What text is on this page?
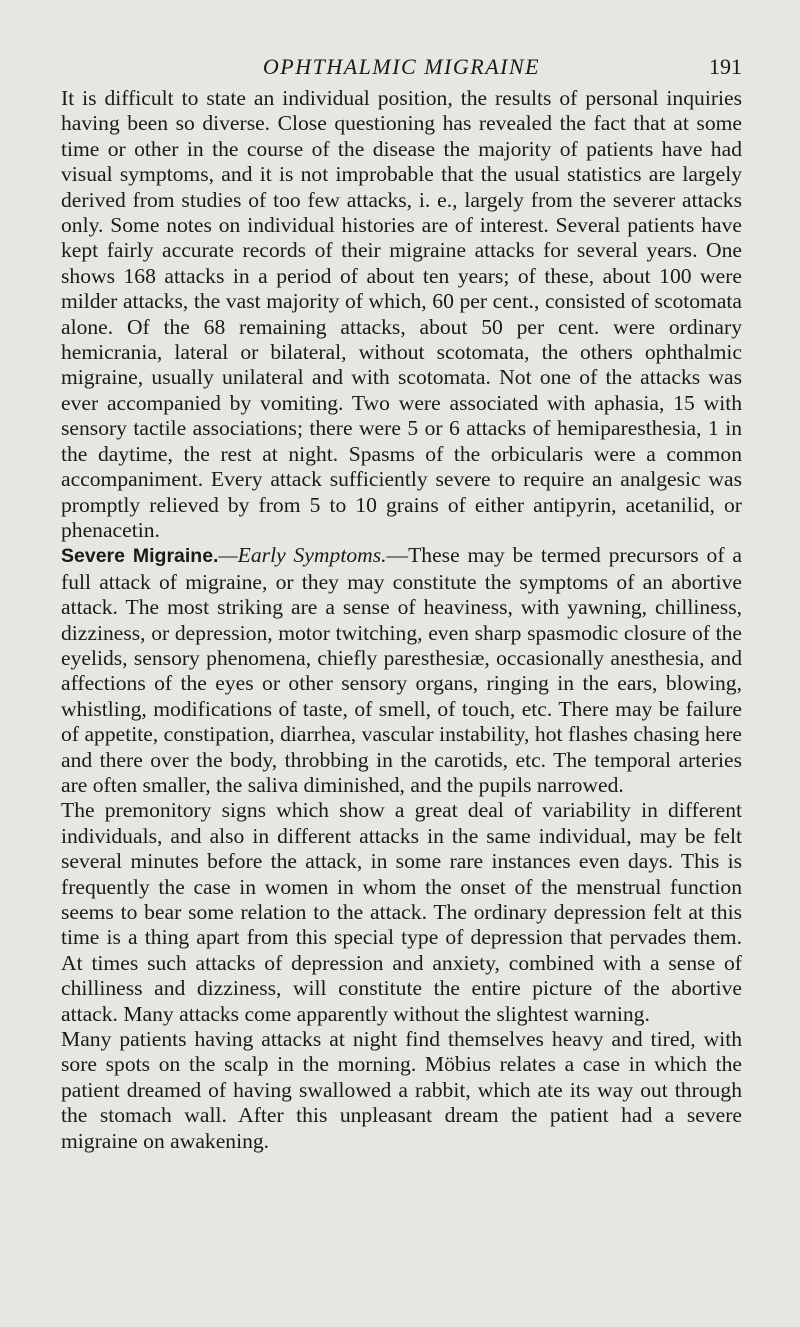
OPHTHALMIC MIGRAINE	191

It is difficult to state an individual position, the results of personal inquiries having been so diverse. Close questioning has revealed the fact that at some time or other in the course of the disease the majority of patients have had visual symptoms, and it is not improbable that the usual statistics are largely derived from studies of too few attacks, i. e., largely from the severer attacks only. Some notes on individual histories are of interest. Several patients have kept fairly accurate records of their migraine attacks for several years. One shows 168 attacks in a period of about ten years; of these, about 100 were milder attacks, the vast majority of which, 60 per cent., consisted of scotomata alone. Of the 68 remaining attacks, about 50 per cent. were ordinary hemicrania, lateral or bilateral, without scotomata, the others ophthalmic migraine, usually unilateral and with scotomata. Not one of the attacks was ever accompanied by vomiting. Two were associated with aphasia, 15 with sensory tactile associations; there were 5 or 6 attacks of hemiparesthesia, 1 in the daytime, the rest at night. Spasms of the orbicularis were a common accompaniment. Every attack sufficiently severe to require an analgesic was promptly relieved by from 5 to 10 grains of either antipyrin, acetanilid, or phenacetin.

Severe Migraine.—Early Symptoms.—These may be termed precursors of a full attack of migraine, or they may constitute the symptoms of an abortive attack. The most striking are a sense of heaviness, with yawning, chilliness, dizziness, or depression, motor twitching, even sharp spasmodic closure of the eyelids, sensory phenomena, chiefly paresthesiæ, occasionally anesthesia, and affections of the eyes or other sensory organs, ringing in the ears, blowing, whistling, modifications of taste, of smell, of touch, etc. There may be failure of appetite, constipation, diarrhea, vascular instability, hot flashes chasing here and there over the body, throbbing in the carotids, etc. The temporal arteries are often smaller, the saliva diminished, and the pupils narrowed.

The premonitory signs which show a great deal of variability in different individuals, and also in different attacks in the same individual, may be felt several minutes before the attack, in some rare instances even days. This is frequently the case in women in whom the onset of the menstrual function seems to bear some relation to the attack. The ordinary depression felt at this time is a thing apart from this special type of depression that pervades them. At times such attacks of depression and anxiety, combined with a sense of chilliness and dizziness, will constitute the entire picture of the abortive attack. Many attacks come apparently without the slightest warning.

Many patients having attacks at night find themselves heavy and tired, with sore spots on the scalp in the morning. Möbius relates a case in which the patient dreamed of having swallowed a rabbit, which ate its way out through the stomach wall. After this unpleasant dream the patient had a severe migraine on awakening.
